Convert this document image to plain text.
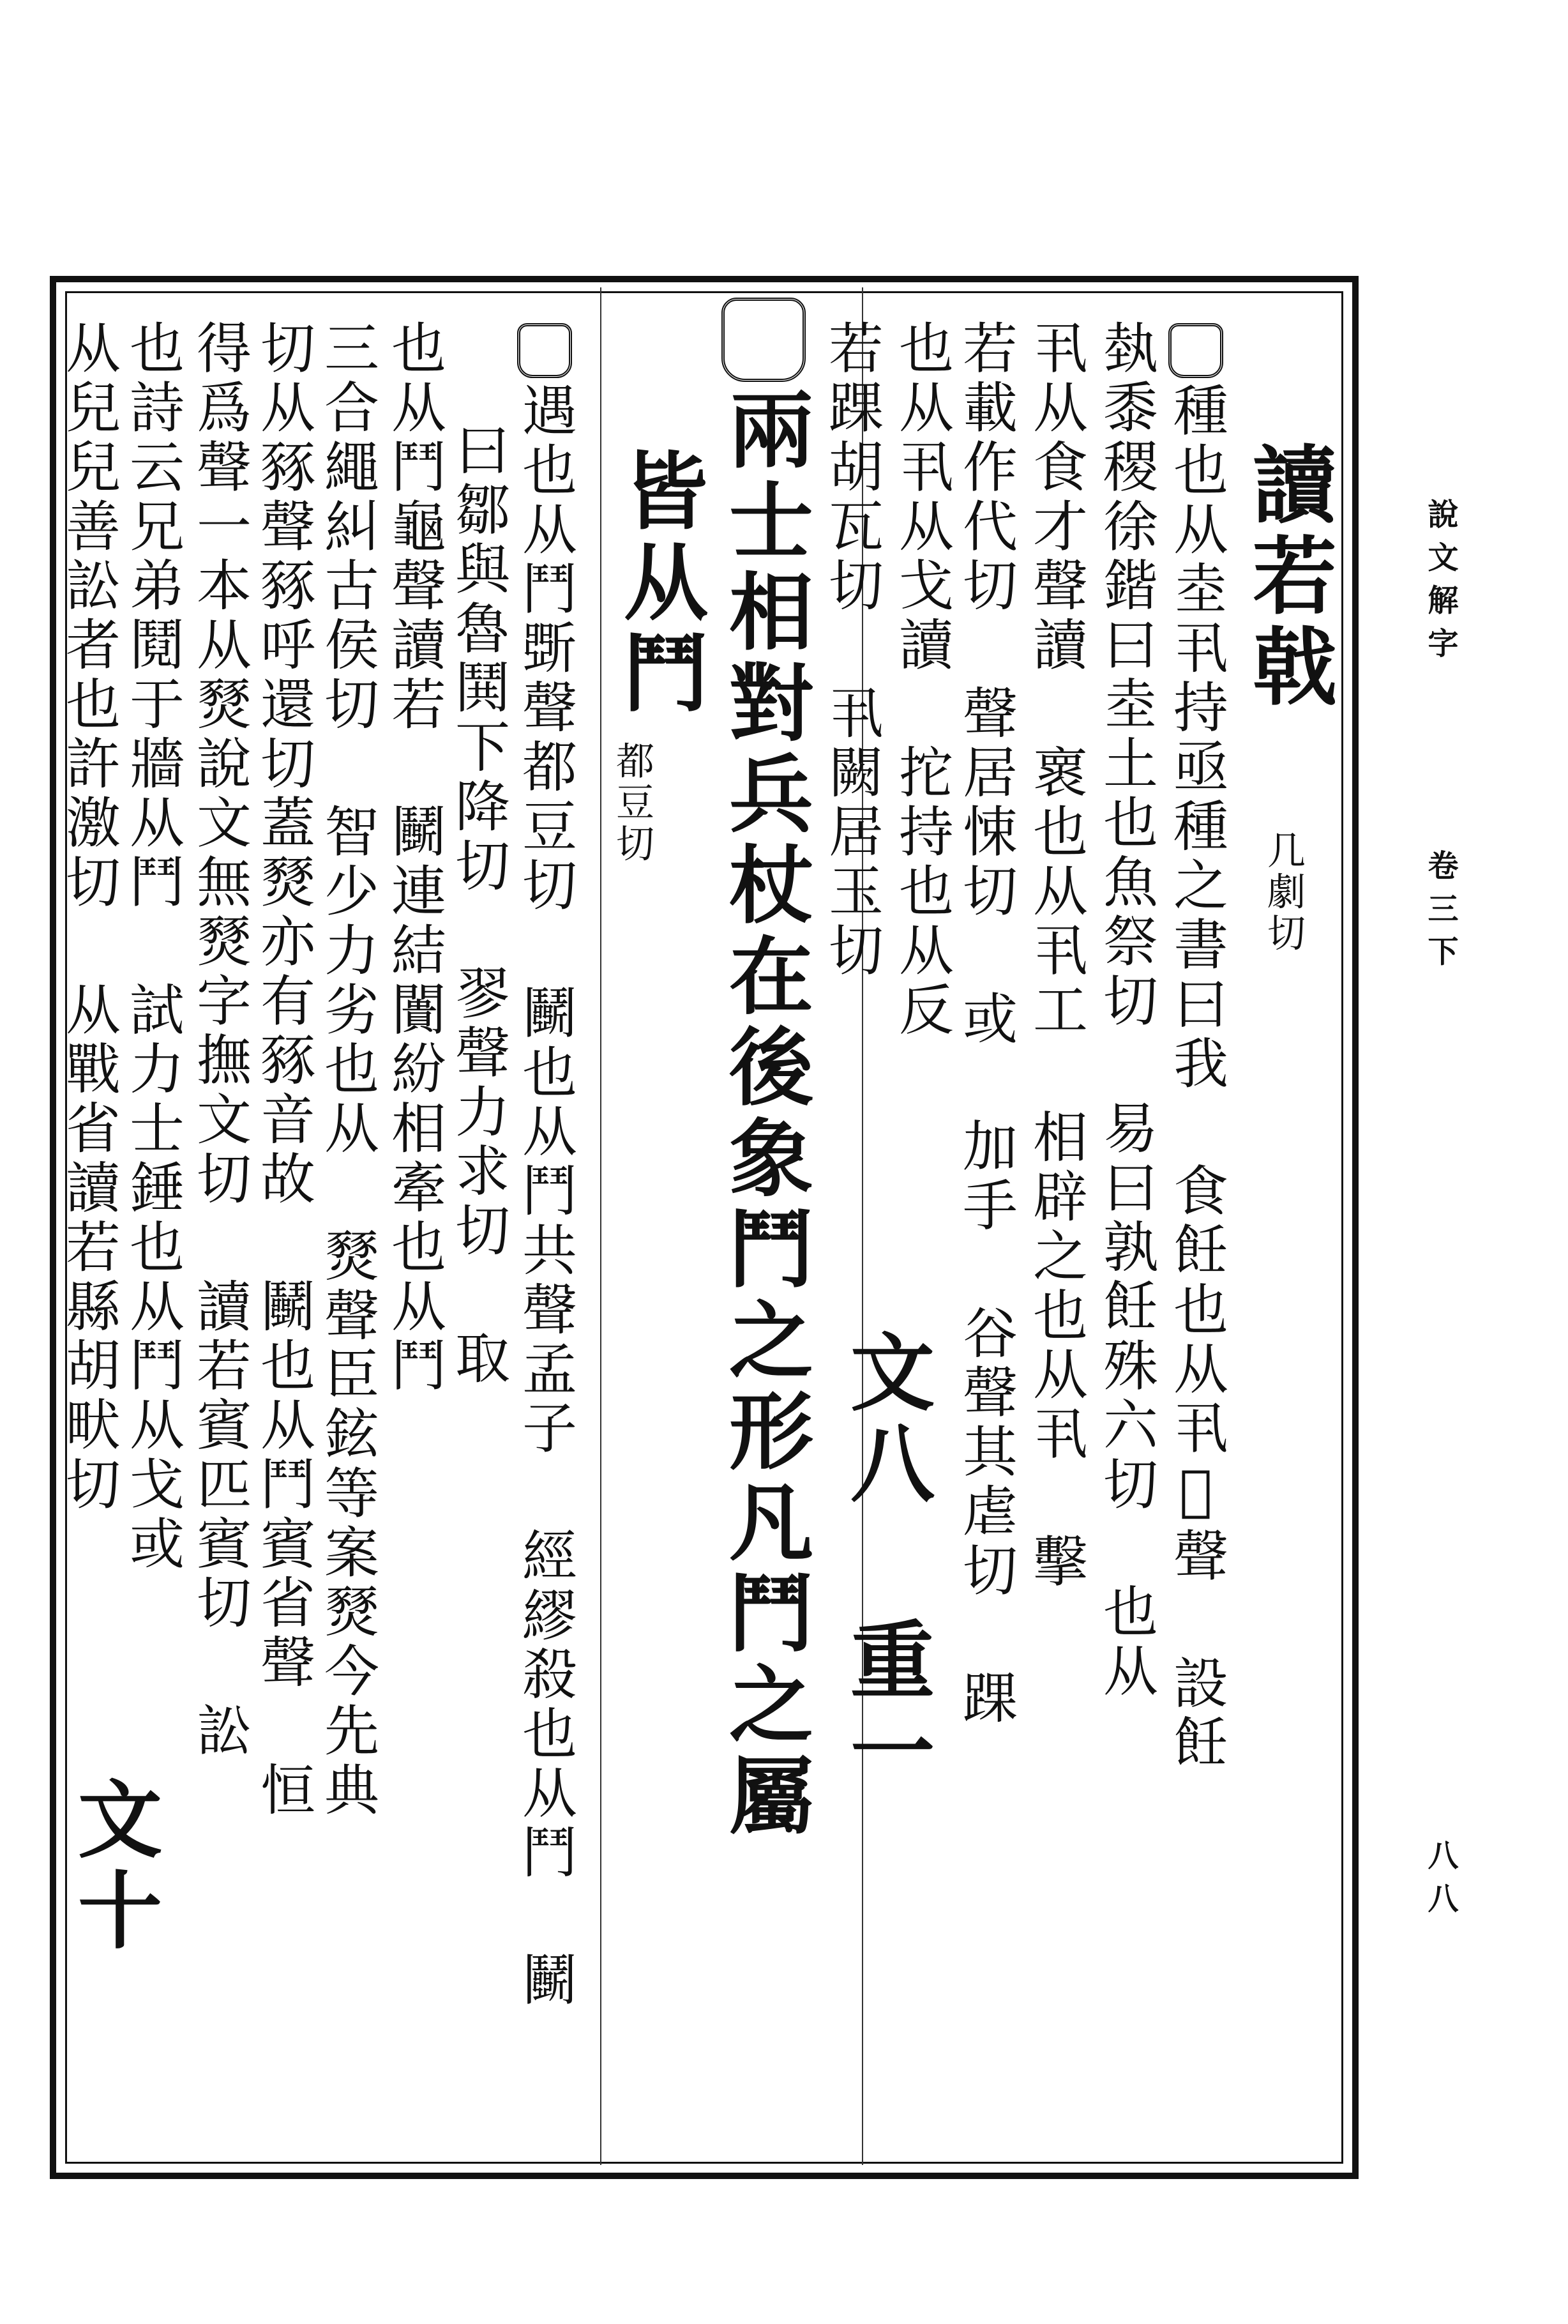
說文解字
卷三下
八八
讀若戟
几劇切
種也从坴丮持亟種之書曰我 食飪也从丮𦎫聲 設飪
埶黍稷徐鍇曰坴土也魚祭切 易曰孰飪殊六切 也从
丮从食才聲讀 褱也从丮工 相辟之也从丮 擊
若載作代切 聲居悚切 或 加手 谷聲其虐切 踝
也从丮从戈讀 拕持也从反
若踝胡瓦切 丮闕居玉切
文八 重一
兩士相對兵杖在後象鬥之形凡鬥之屬
皆从鬥
都豆切
遇也从鬥斲聲都豆切 鬭也从鬥共聲孟子 經繆殺也从鬥 鬭
曰鄒與魯鬨下降切 翏聲力求切 取
也从鬥龜聲讀若 鬭連結闠紛相牽也从鬥
三合繩糾古侯切 智少力劣也从 燹聲臣鉉等案燹今先典
切从豩聲豩呼還切蓋燹亦有豩音故 鬭也从鬥賓省聲 恒
得爲聲一本从燹說文無燹字撫文切 讀若賓匹賓切 訟
也詩云兄弟鬩于牆从鬥 試力士錘也从鬥从戈或
从兒兒善訟者也許激切 从戰省讀若縣胡畎切
文十
